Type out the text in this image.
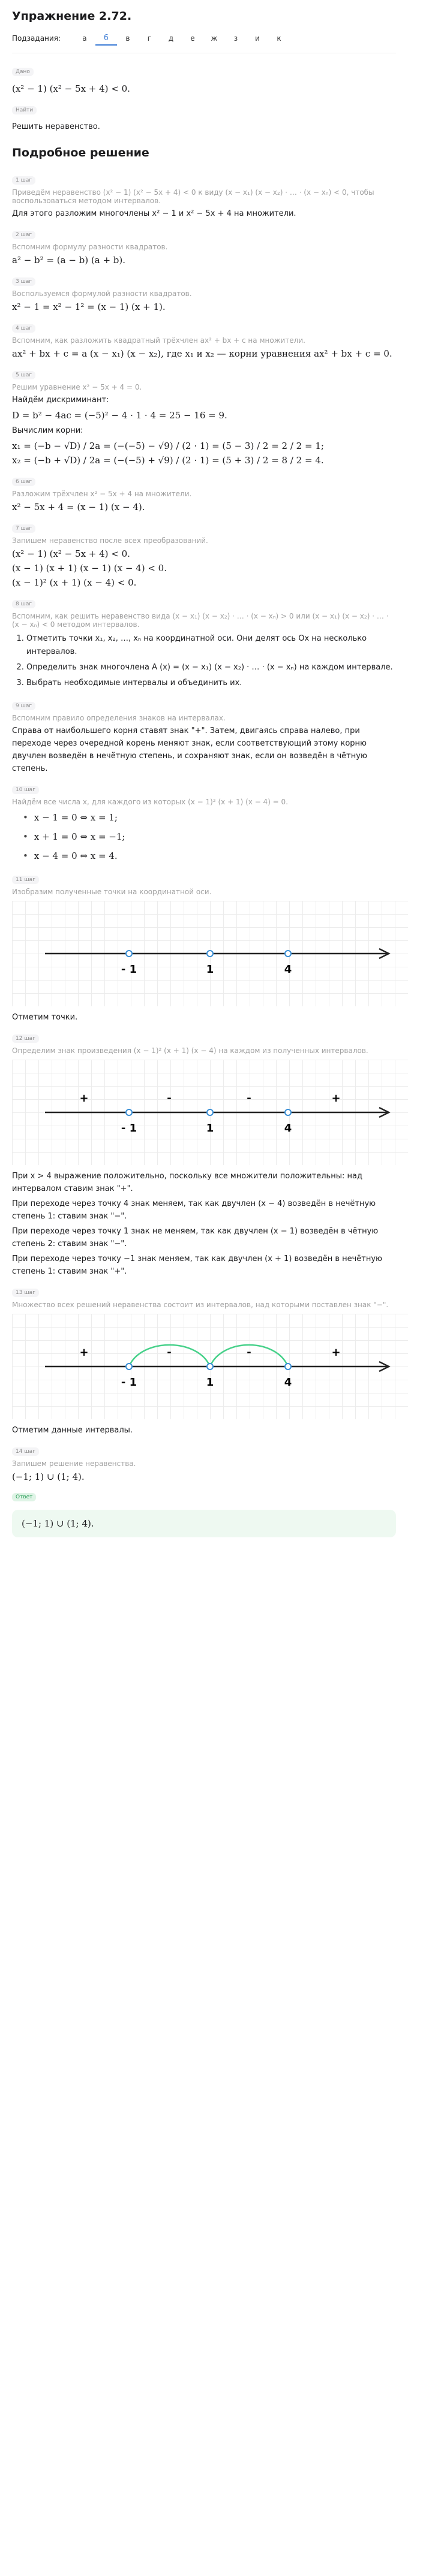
Упражнение 2.72.
Подзадания:	а	б	в	г	д	е	ж	з	и	к
Дано
(x² − 1) (x² − 5x + 4) < 0.
Найти
Решить неравенство.
Подробное решение
1 шаг
Приведём неравенство (x² − 1) (x² − 5x + 4) < 0 к виду (x − x₁) (x − x₂) · … · (x − xₙ) < 0, чтобы воспользоваться методом интервалов.
Для этого разложим многочлены x² − 1 и x² − 5x + 4 на множители.
2 шаг
Вспомним формулу разности квадратов.
a² − b² = (a − b) (a + b).
3 шаг
Воспользуемся формулой разности квадратов.
x² − 1 = x² − 1² = (x − 1) (x + 1).
4 шаг
Вспомним, как разложить квадратный трёхчлен ax² + bx + c на множители.
ax² + bx + c = a (x − x₁) (x − x₂), где x₁ и x₂ — корни уравнения ax² + bx + c = 0.
5 шаг
Решим уравнение x² − 5x + 4 = 0.
Найдём дискриминант:
D = b² − 4ac = (−5)² − 4 · 1 · 4 = 25 − 16 = 9.
Вычислим корни:
x₁ = (−b − √D) / 2a = (−(−5) − √9) / (2 · 1) = (5 − 3) / 2 = 2 / 2 = 1;
x₂ = (−b + √D) / 2a = (−(−5) + √9) / (2 · 1) = (5 + 3) / 2 = 8 / 2 = 4.
6 шаг
Разложим трёхчлен x² − 5x + 4 на множители.
x² − 5x + 4 = (x − 1) (x − 4).
7 шаг
Запишем неравенство после всех преобразований.
(x² − 1) (x² − 5x + 4) < 0.
(x − 1) (x + 1) (x − 1) (x − 4) < 0.
(x − 1)² (x + 1) (x − 4) < 0.
8 шаг
Вспомним, как решить неравенство вида (x − x₁) (x − x₂) · … · (x − xₙ) > 0 или (x − x₁) (x − x₂) · … · (x − xₙ) < 0 методом интервалов.
1. Отметить точки x₁, x₂, …, xₙ на координатной оси. Они делят ось Ox на несколько интервалов.
2. Определить знак многочлена A (x) = (x − x₁) (x − x₂) · … · (x − xₙ) на каждом интервале.
3. Выбрать необходимые интервалы и объединить их.
9 шаг
Вспомним правило определения знаков на интервалах.
Справа от наибольшего корня ставят знак "+". Затем, двигаясь справа налево, при переходе через очередной корень меняют знак, если соответствующий этому корню двучлен возведён в нечётную степень, и сохраняют знак, если он возведён в чётную степень.
10 шаг
Найдём все числа x, для каждого из которых (x − 1)² (x + 1) (x − 4) = 0.
• x − 1 = 0 ⇔ x = 1;
• x + 1 = 0 ⇔ x = −1;
• x − 4 = 0 ⇔ x = 4.
11 шаг
Изобразим полученные точки на координатной оси.
- 1	1	4
Отметим точки.
12 шаг
Определим знак произведения (x − 1)² (x + 1) (x − 4) на каждом из полученных интервалов.
+	-	-	+
- 1	1	4
При x > 4 выражение положительно, поскольку все множители положительны: над интервалом ставим знак "+".
При переходе через точку 4 знак меняем, так как двучлен (x − 4) возведён в нечётную степень 1: ставим знак "−".
При переходе через точку 1 знак не меняем, так как двучлен (x − 1) возведён в чётную степень 2: ставим знак "−".
При переходе через точку −1 знак меняем, так как двучлен (x + 1) возведён в нечётную степень 1: ставим знак "+".
13 шаг
Множество всех решений неравенства состоит из интервалов, над которыми поставлен знак "−".
+	-	-	+
- 1	1	4
Отметим данные интервалы.
14 шаг
Запишем решение неравенства.
(−1; 1) ∪ (1; 4).
Ответ
(−1; 1) ∪ (1; 4).
